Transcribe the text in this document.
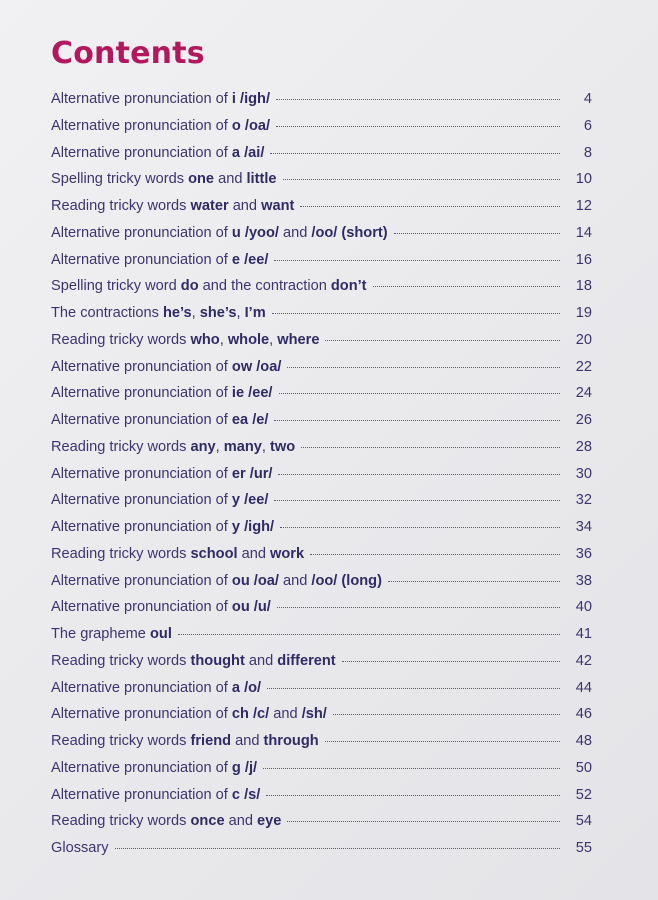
Contents
Alternative pronunciation of i /igh/	4
Alternative pronunciation of o /oa/	6
Alternative pronunciation of a /ai/	8
Spelling tricky words one and little	10
Reading tricky words water and want	12
Alternative pronunciation of u /yoo/ and /oo/ (short)	14
Alternative pronunciation of e /ee/	16
Spelling tricky word do and the contraction don’t	18
The contractions he’s, she’s, I’m	19
Reading tricky words who, whole, where	20
Alternative pronunciation of ow /oa/	22
Alternative pronunciation of ie /ee/	24
Alternative pronunciation of ea /e/	26
Reading tricky words any, many, two	28
Alternative pronunciation of er /ur/	30
Alternative pronunciation of y /ee/	32
Alternative pronunciation of y /igh/	34
Reading tricky words school and work	36
Alternative pronunciation of ou /oa/ and /oo/ (long)	38
Alternative pronunciation of ou /u/	40
The grapheme oul	41
Reading tricky words thought and different	42
Alternative pronunciation of a /o/	44
Alternative pronunciation of ch /c/ and /sh/	46
Reading tricky words friend and through	48
Alternative pronunciation of g /j/	50
Alternative pronunciation of c /s/	52
Reading tricky words once and eye	54
Glossary	55
